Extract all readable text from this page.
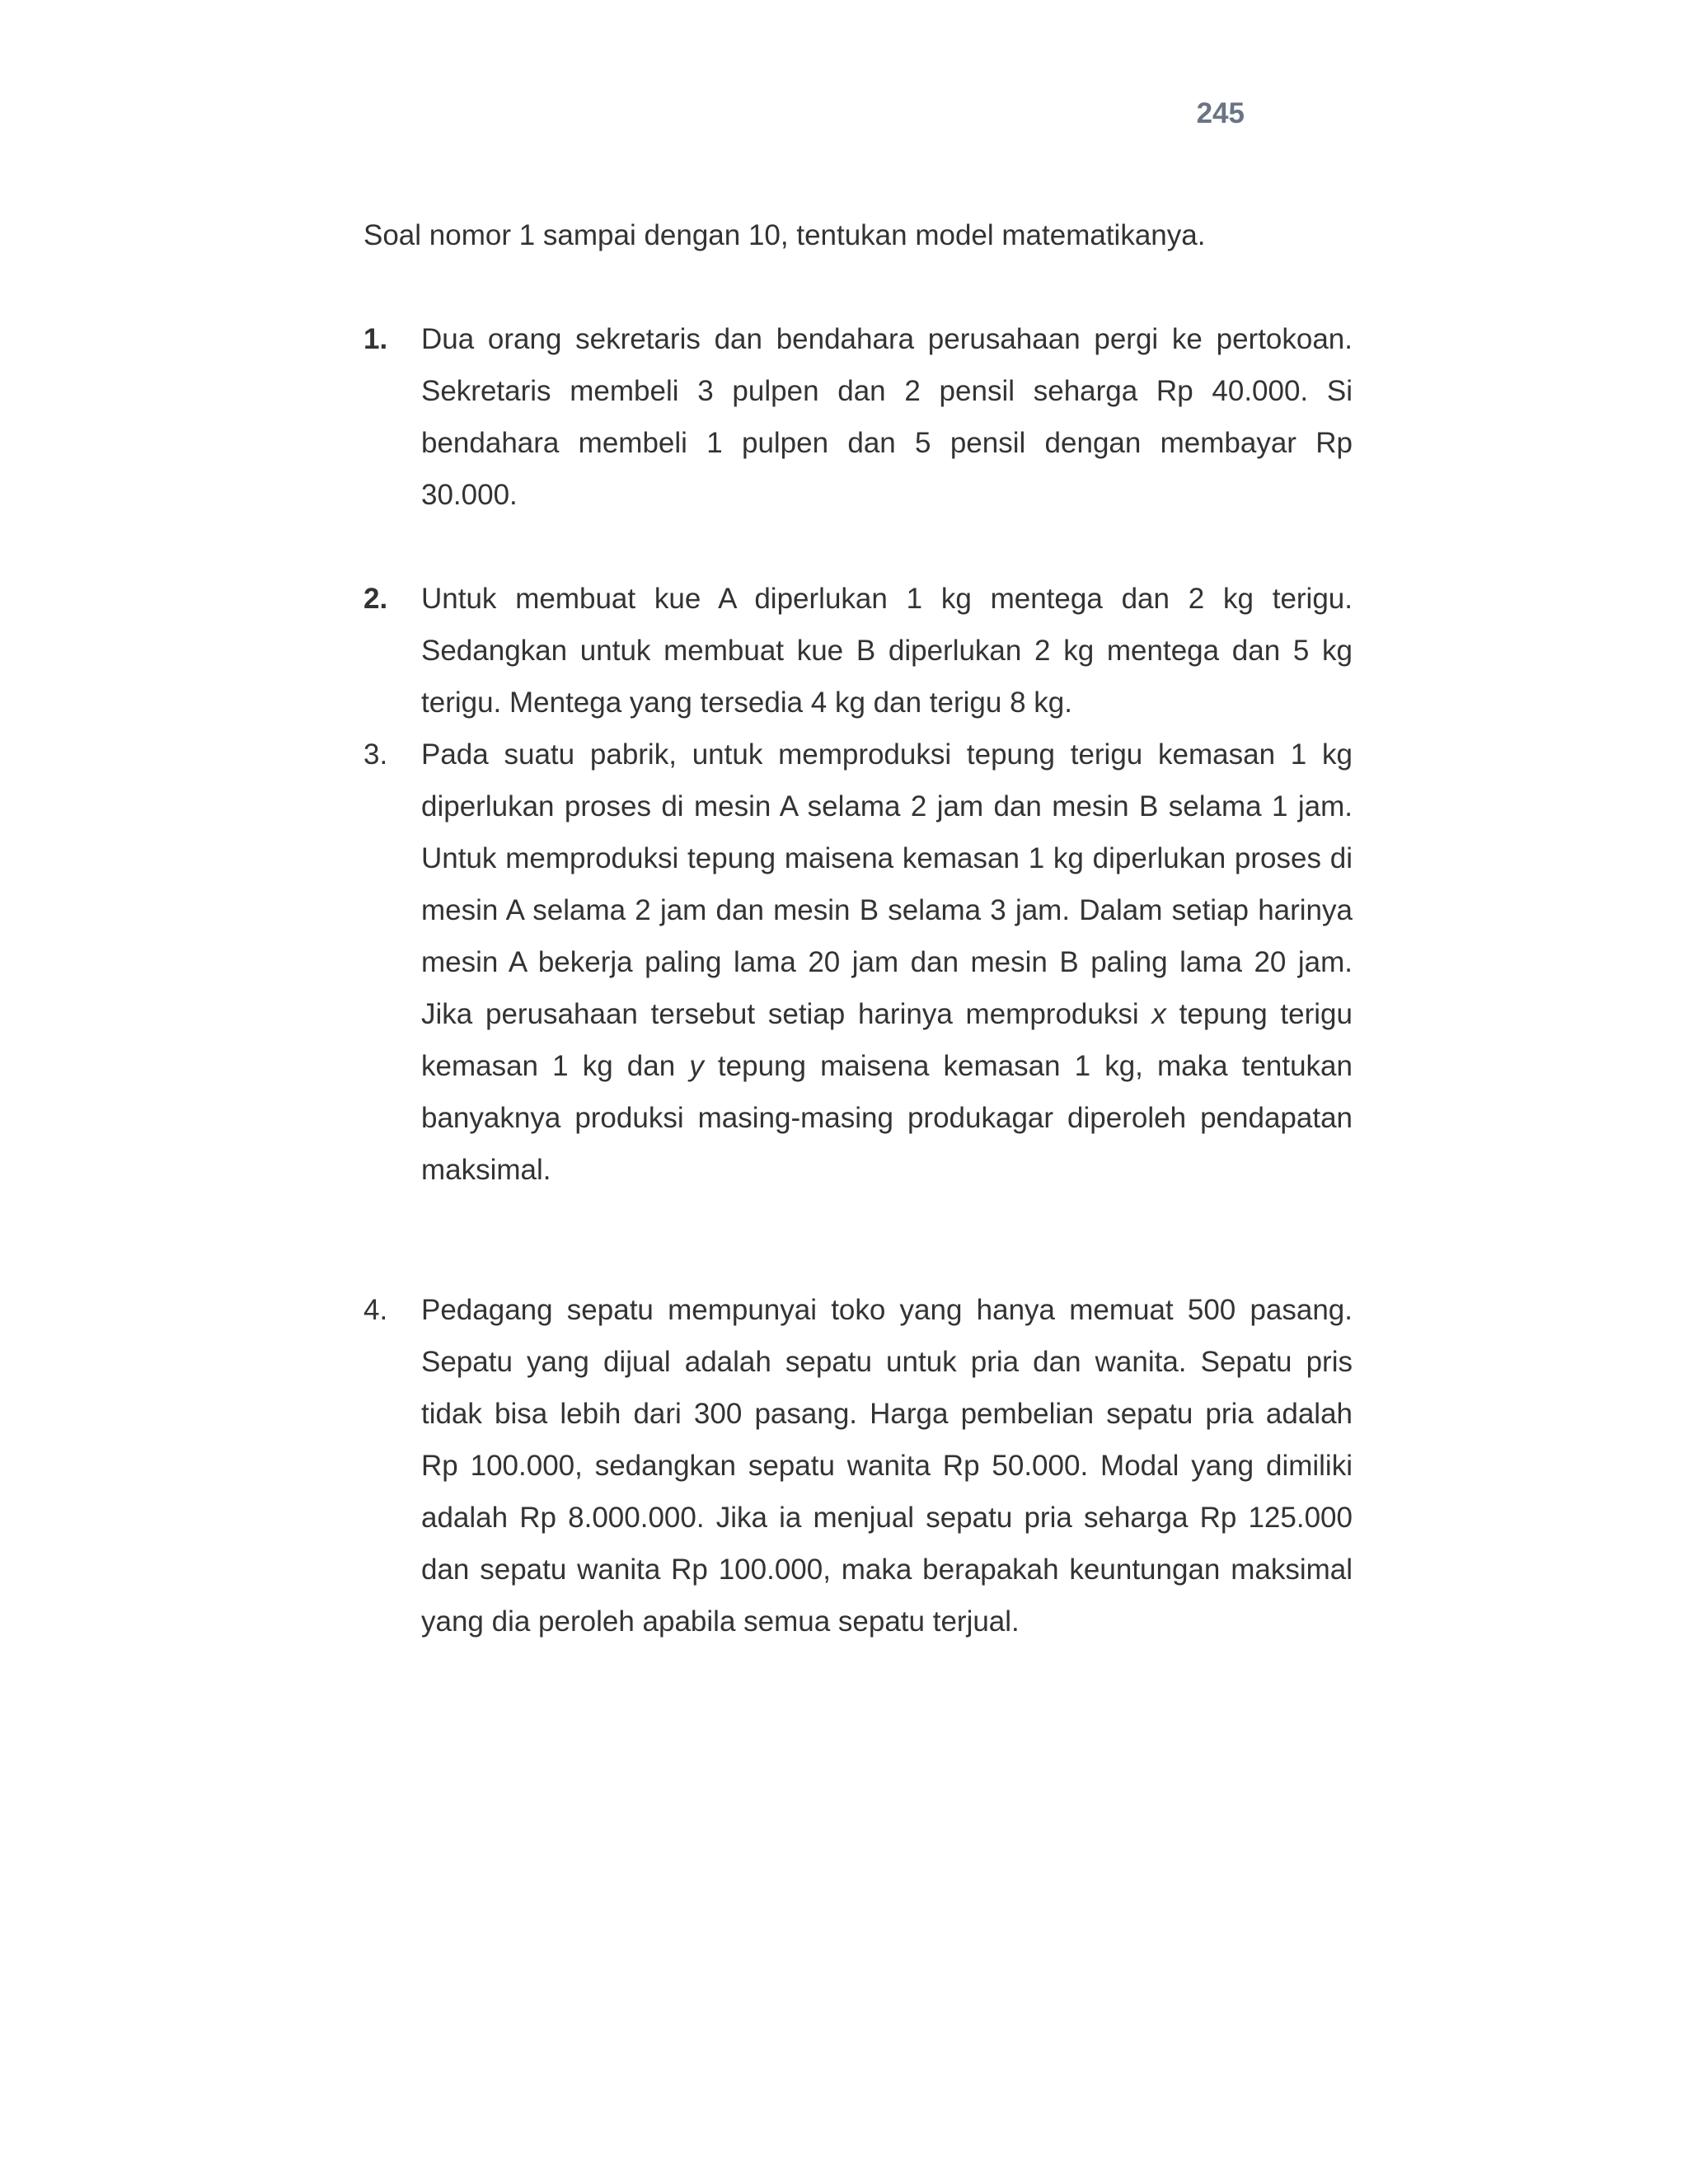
245
Soal nomor 1 sampai dengan 10, tentukan model matematikanya.
1. Dua orang sekretaris dan bendahara perusahaan pergi ke pertokoan. Sekretaris membeli 3 pulpen dan 2 pensil seharga Rp 40.000. Si bendahara membeli 1 pulpen dan 5 pensil dengan membayar Rp 30.000.

2. Untuk membuat kue A diperlukan 1 kg mentega dan 2 kg terigu. Sedangkan untuk membuat kue B diperlukan 2 kg mentega dan 5 kg terigu. Mentega yang tersedia 4 kg dan terigu 8 kg.

3. Pada suatu pabrik, untuk memproduksi tepung terigu kemasan 1 kg diperlukan proses di mesin A selama 2 jam dan mesin B selama 1 jam. Untuk memproduksi tepung maisena kemasan 1 kg diperlukan proses di mesin A selama 2 jam dan mesin B selama 3 jam. Dalam setiap harinya mesin A bekerja paling lama 20 jam dan mesin B paling lama 20 jam. Jika perusahaan tersebut setiap harinya memproduksi x tepung terigu kemasan 1 kg dan y tepung maisena kemasan 1 kg, maka tentukan banyaknya produksi masing-masing produkagar diperoleh pendapatan maksimal.

4. Pedagang sepatu mempunyai toko yang hanya memuat 500 pasang. Sepatu yang dijual adalah sepatu untuk pria dan wanita. Sepatu pris tidak bisa lebih dari 300 pasang. Harga pembelian sepatu pria adalah Rp 100.000, sedangkan sepatu wanita Rp 50.000. Modal yang dimiliki adalah Rp 8.000.000. Jika ia menjual sepatu pria seharga Rp 125.000 dan sepatu wanita Rp 100.000, maka berapakah keuntungan maksimal yang dia peroleh apabila semua sepatu terjual.
